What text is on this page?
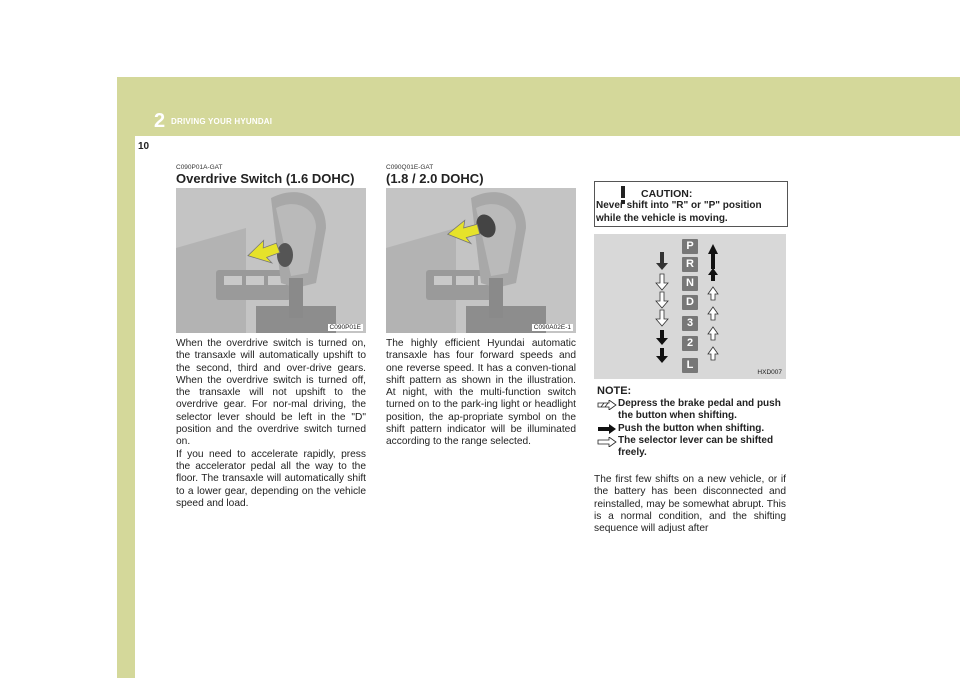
2 DRIVING YOUR HYUNDAI
10
C090P01A-GAT
Overdrive Switch (1.6 DOHC)
C090P01E
When the overdrive switch is turned on, the transaxle will automatically upshift to the second, third and over-drive gears. When the overdrive switch is turned off, the transaxle will not upshift to the overdrive gear. For nor-mal driving, the selector lever should be left in the "D" position and the overdrive switch turned on.
If you need to accelerate rapidly, press the accelerator pedal all the way to the floor. The transaxle will automatically shift to a lower gear, depending on the vehicle speed and load.
C090Q01E-GAT
(1.8 / 2.0 DOHC)
C090A02E-1
The highly efficient Hyundai automatic transaxle has four forward speeds and one reverse speed. It has a conven-tional shift pattern as shown in the illustration. At night, with the multi-function switch turned on to the park-ing light or headlight position, the ap-propriate symbol on the shift pattern indicator will be illuminated according to the range selected.
CAUTION:
Never shift into "R" or "P" position while the vehicle is moving.
P
R
N
D
3
2
L
HXD007
NOTE:
Depress the brake pedal and push the button when shifting.
Push the button when shifting.
The selector lever can be shifted freely.
The first few shifts on a new vehicle, or if the battery has been disconnected and reinstalled, may be somewhat abrupt. This is a normal condition, and the shifting sequence will adjust after
